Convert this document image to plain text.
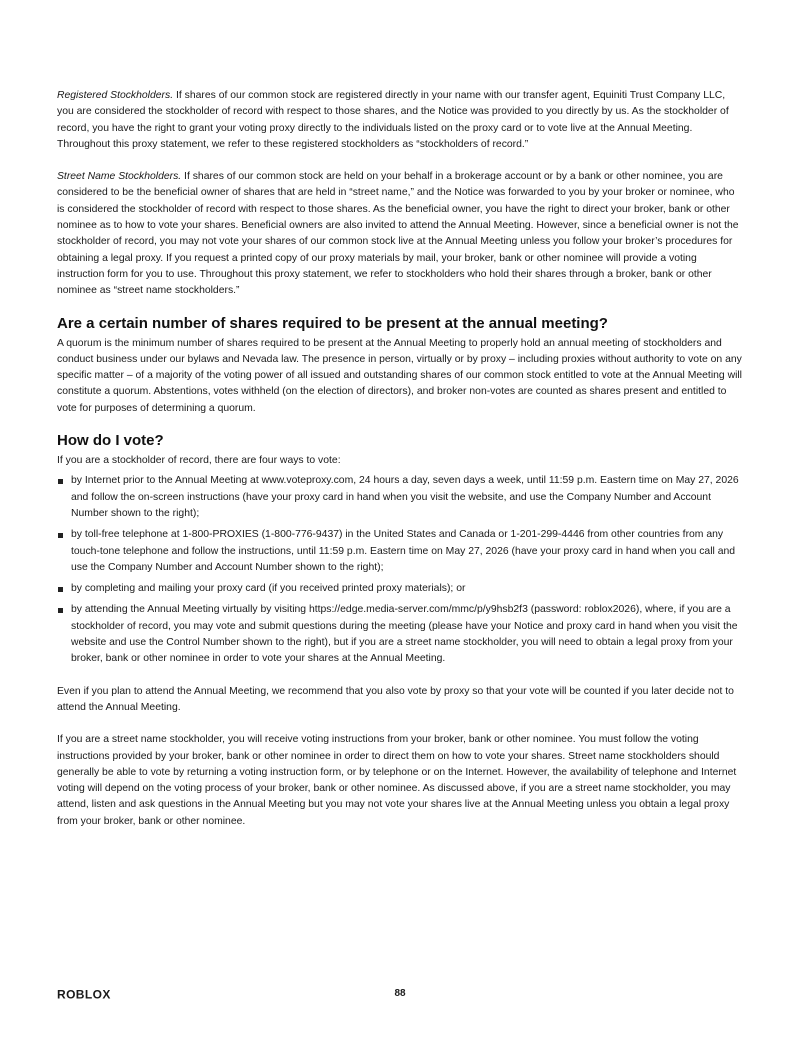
Registered Stockholders. If shares of our common stock are registered directly in your name with our transfer agent, Equiniti Trust Company LLC, you are considered the stockholder of record with respect to those shares, and the Notice was provided to you directly by us. As the stockholder of record, you have the right to grant your voting proxy directly to the individuals listed on the proxy card or to vote live at the Annual Meeting. Throughout this proxy statement, we refer to these registered stockholders as “stockholders of record.”

Street Name Stockholders. If shares of our common stock are held on your behalf in a brokerage account or by a bank or other nominee, you are considered to be the beneficial owner of shares that are held in “street name,” and the Notice was forwarded to you by your broker or nominee, who is considered the stockholder of record with respect to those shares. As the beneficial owner, you have the right to direct your broker, bank or other nominee as to how to vote your shares. Beneficial owners are also invited to attend the Annual Meeting. However, since a beneficial owner is not the stockholder of record, you may not vote your shares of our common stock live at the Annual Meeting unless you follow your broker’s procedures for obtaining a legal proxy. If you request a printed copy of our proxy materials by mail, your broker, bank or other nominee will provide a voting instruction form for you to use. Throughout this proxy statement, we refer to stockholders who hold their shares through a broker, bank or other nominee as “street name stockholders.”

Are a certain number of shares required to be present at the annual meeting?

A quorum is the minimum number of shares required to be present at the Annual Meeting to properly hold an annual meeting of stockholders and conduct business under our bylaws and Nevada law. The presence in person, virtually or by proxy – including proxies without authority to vote on any specific matter – of a majority of the voting power of all issued and outstanding shares of our common stock entitled to vote at the Annual Meeting will constitute a quorum. Abstentions, votes withheld (on the election of directors), and broker non-votes are counted as shares present and entitled to vote for purposes of determining a quorum.

How do I vote?

If you are a stockholder of record, there are four ways to vote:

by Internet prior to the Annual Meeting at www.voteproxy.com, 24 hours a day, seven days a week, until 11:59 p.m. Eastern time on May 27, 2026 and follow the on-screen instructions (have your proxy card in hand when you visit the website, and use the Company Number and Account Number shown to the right);
by toll-free telephone at 1-800-PROXIES (1-800-776-9437) in the United States and Canada or 1-201-299-4446 from other countries from any touch-tone telephone and follow the instructions, until 11:59 p.m. Eastern time on May 27, 2026 (have your proxy card in hand when you call and use the Company Number and Account Number shown to the right);
by completing and mailing your proxy card (if you received printed proxy materials); or
by attending the Annual Meeting virtually by visiting https://edge.media-server.com/mmc/p/y9hsb2f3 (password: roblox2026), where, if you are a stockholder of record, you may vote and submit questions during the meeting (please have your Notice and proxy card in hand when you visit the website and use the Control Number shown to the right), but if you are a street name stockholder, you will need to obtain a legal proxy from your broker, bank or other nominee in order to vote your shares at the Annual Meeting.

Even if you plan to attend the Annual Meeting, we recommend that you also vote by proxy so that your vote will be counted if you later decide not to attend the Annual Meeting.

If you are a street name stockholder, you will receive voting instructions from your broker, bank or other nominee. You must follow the voting instructions provided by your broker, bank or other nominee in order to direct them on how to vote your shares. Street name stockholders should generally be able to vote by returning a voting instruction form, or by telephone or on the Internet. However, the availability of telephone and Internet voting will depend on the voting process of your broker, bank or other nominee. As discussed above, if you are a street name stockholder, you may attend, listen and ask questions in the Annual Meeting but you may not vote your shares live at the Annual Meeting unless you obtain a legal proxy from your broker, bank or other nominee.

ROBLOX	88
